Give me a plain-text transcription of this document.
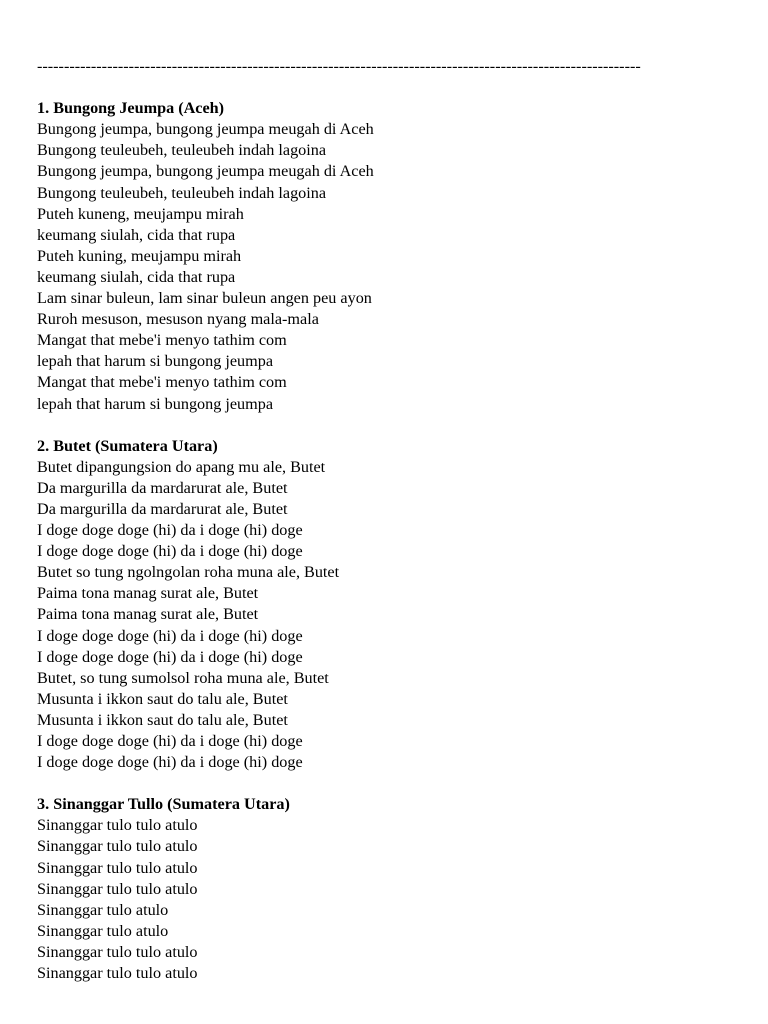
----------------------------------------------------------------------------------------------------------------
1. Bungong Jeumpa (Aceh)
Bungong jeumpa, bungong jeumpa meugah di Aceh
Bungong teuleubeh, teuleubeh indah lagoina
Bungong jeumpa, bungong jeumpa meugah di Aceh
Bungong teuleubeh, teuleubeh indah lagoina
Puteh kuneng, meujampu mirah
keumang siulah, cida that rupa
Puteh kuning, meujampu mirah
keumang siulah, cida that rupa
Lam sinar buleun, lam sinar buleun angen peu ayon
Ruroh mesuson, mesuson nyang mala-mala
Mangat that mebe'i menyo tathim com
lepah that harum si bungong jeumpa
Mangat that mebe'i menyo tathim com
lepah that harum si bungong jeumpa
2. Butet (Sumatera Utara)
Butet dipangungsion do apang mu ale, Butet
Da margurilla da mardarurat ale, Butet
Da margurilla da mardarurat ale, Butet
I doge doge doge (hi) da i doge (hi) doge
I doge doge doge (hi) da i doge (hi) doge
Butet so tung ngolngolan roha muna ale, Butet
Paima tona manag surat ale, Butet
Paima tona manag surat ale, Butet
I doge doge doge (hi) da i doge (hi) doge
I doge doge doge (hi) da i doge (hi) doge
Butet, so tung sumolsol roha muna ale, Butet
Musunta i ikkon saut do talu ale, Butet
Musunta i ikkon saut do talu ale, Butet
I doge doge doge (hi) da i doge (hi) doge
I doge doge doge (hi) da i doge (hi) doge
3. Sinanggar Tullo (Sumatera Utara)
Sinanggar tulo tulo atulo
Sinanggar tulo tulo atulo
Sinanggar tulo tulo atulo
Sinanggar tulo tulo atulo
Sinanggar tulo atulo
Sinanggar tulo atulo
Sinanggar tulo tulo atulo
Sinanggar tulo tulo atulo
